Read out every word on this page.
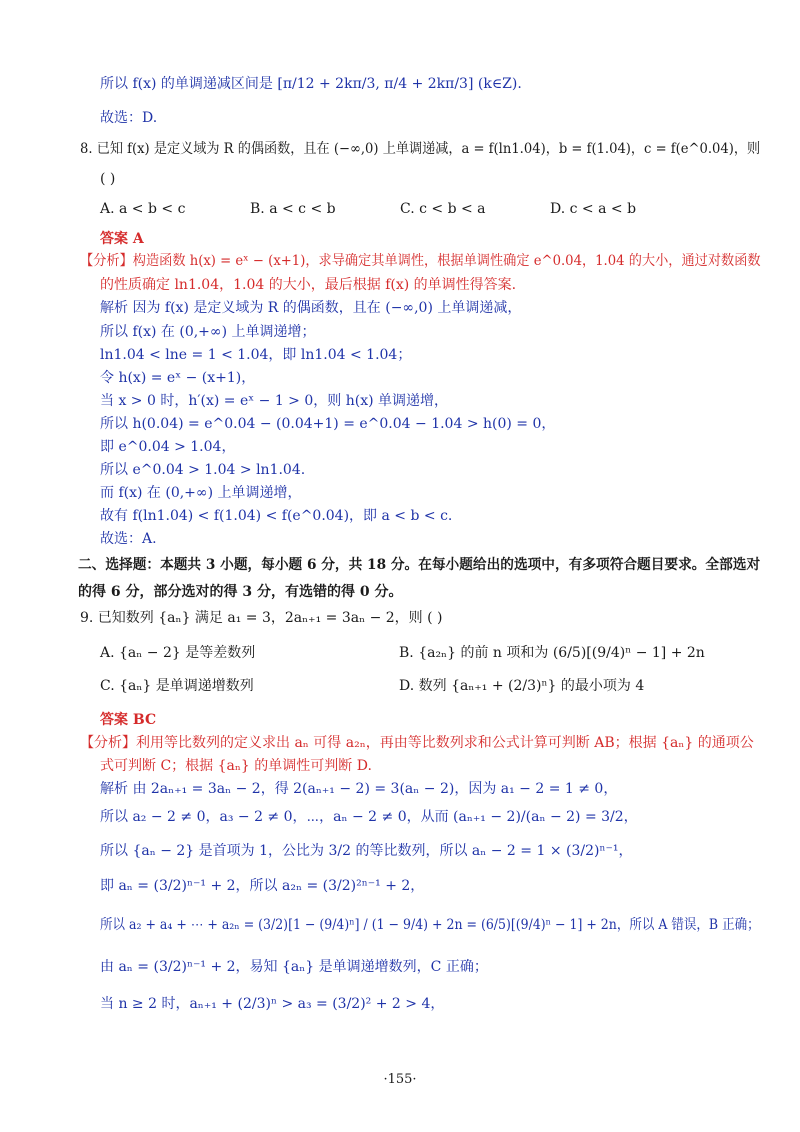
所以 f(x) 的单调递减区间是 [π/12 + 2kπ/3, π/4 + 2kπ/3] (k∈Z).
故选：D.
8. 已知 f(x) 是定义域为 R 的偶函数，且在 (−∞,0) 上单调递减，a = f(ln1.04)，b = f(1.04)，c = f(e^0.04)，则
( )
答案 A
【分析】构造函数 h(x) = eˣ − (x+1)，求导确定其单调性，根据单调性确定 e^0.04，1.04 的大小，通过对数函数
的性质确定 ln1.04，1.04 的大小，最后根据 f(x) 的单调性得答案.
解析 因为 f(x) 是定义域为 R 的偶函数，且在 (−∞,0) 上单调递减，
所以 f(x) 在 (0,+∞) 上单调递增；
ln1.04 < lne = 1 < 1.04，即 ln1.04 < 1.04；
令 h(x) = eˣ − (x+1)，
当 x > 0 时，h′(x) = eˣ − 1 > 0，则 h(x) 单调递增，
所以 h(0.04) = e^0.04 − (0.04+1) = e^0.04 − 1.04 > h(0) = 0，
即 e^0.04 > 1.04，
所以 e^0.04 > 1.04 > ln1.04.
而 f(x) 在 (0,+∞) 上单调递增，
故有 f(ln1.04) < f(1.04) < f(e^0.04)，即 a < b < c.
故选：A.
二、选择题：本题共 3 小题，每小题 6 分，共 18 分。在每小题给出的选项中，有多项符合题目要求。全部选对
的得 6 分，部分选对的得 3 分，有选错的得 0 分。
9. 已知数列 {aₙ} 满足 a₁ = 3，2aₙ₊₁ = 3aₙ − 2，则 ( )
答案 BC
【分析】利用等比数列的定义求出 aₙ 可得 a₂ₙ，再由等比数列求和公式计算可判断 AB；根据 {aₙ} 的通项公
式可判断 C；根据 {aₙ} 的单调性可判断 D.
解析 由 2aₙ₊₁ = 3aₙ − 2，得 2(aₙ₊₁ − 2) = 3(aₙ − 2)，因为 a₁ − 2 = 1 ≠ 0，
所以 a₂ − 2 ≠ 0，a₃ − 2 ≠ 0，⋯，aₙ − 2 ≠ 0，从而 (aₙ₊₁ − 2)/(aₙ − 2) = 3/2，
所以 {aₙ − 2} 是首项为 1，公比为 3/2 的等比数列，所以 aₙ − 2 = 1 × (3/2)ⁿ⁻¹，
即 aₙ = (3/2)ⁿ⁻¹ + 2，所以 a₂ₙ = (3/2)²ⁿ⁻¹ + 2，
所以 a₂ + a₄ + ⋯ + a₂ₙ = (3/2)[1 − (9/4)ⁿ] / (1 − 9/4) + 2n = (6/5)[(9/4)ⁿ − 1] + 2n，所以 A 错误，B 正确；
由 aₙ = (3/2)ⁿ⁻¹ + 2，易知 {aₙ} 是单调递增数列，C 正确；
当 n ≥ 2 时，aₙ₊₁ + (2/3)ⁿ > a₃ = (3/2)² + 2 > 4，
A. a < b < c	B. a < c < b	C. c < b < a	D. c < a < b
A. {aₙ − 2} 是等差数列	B. {a₂ₙ} 的前 n 项和为 (6/5)[(9/4)ⁿ − 1] + 2n
C. {aₙ} 是单调递增数列	D. 数列 {aₙ₊₁ + (2/3)ⁿ} 的最小项为 4
·155·
